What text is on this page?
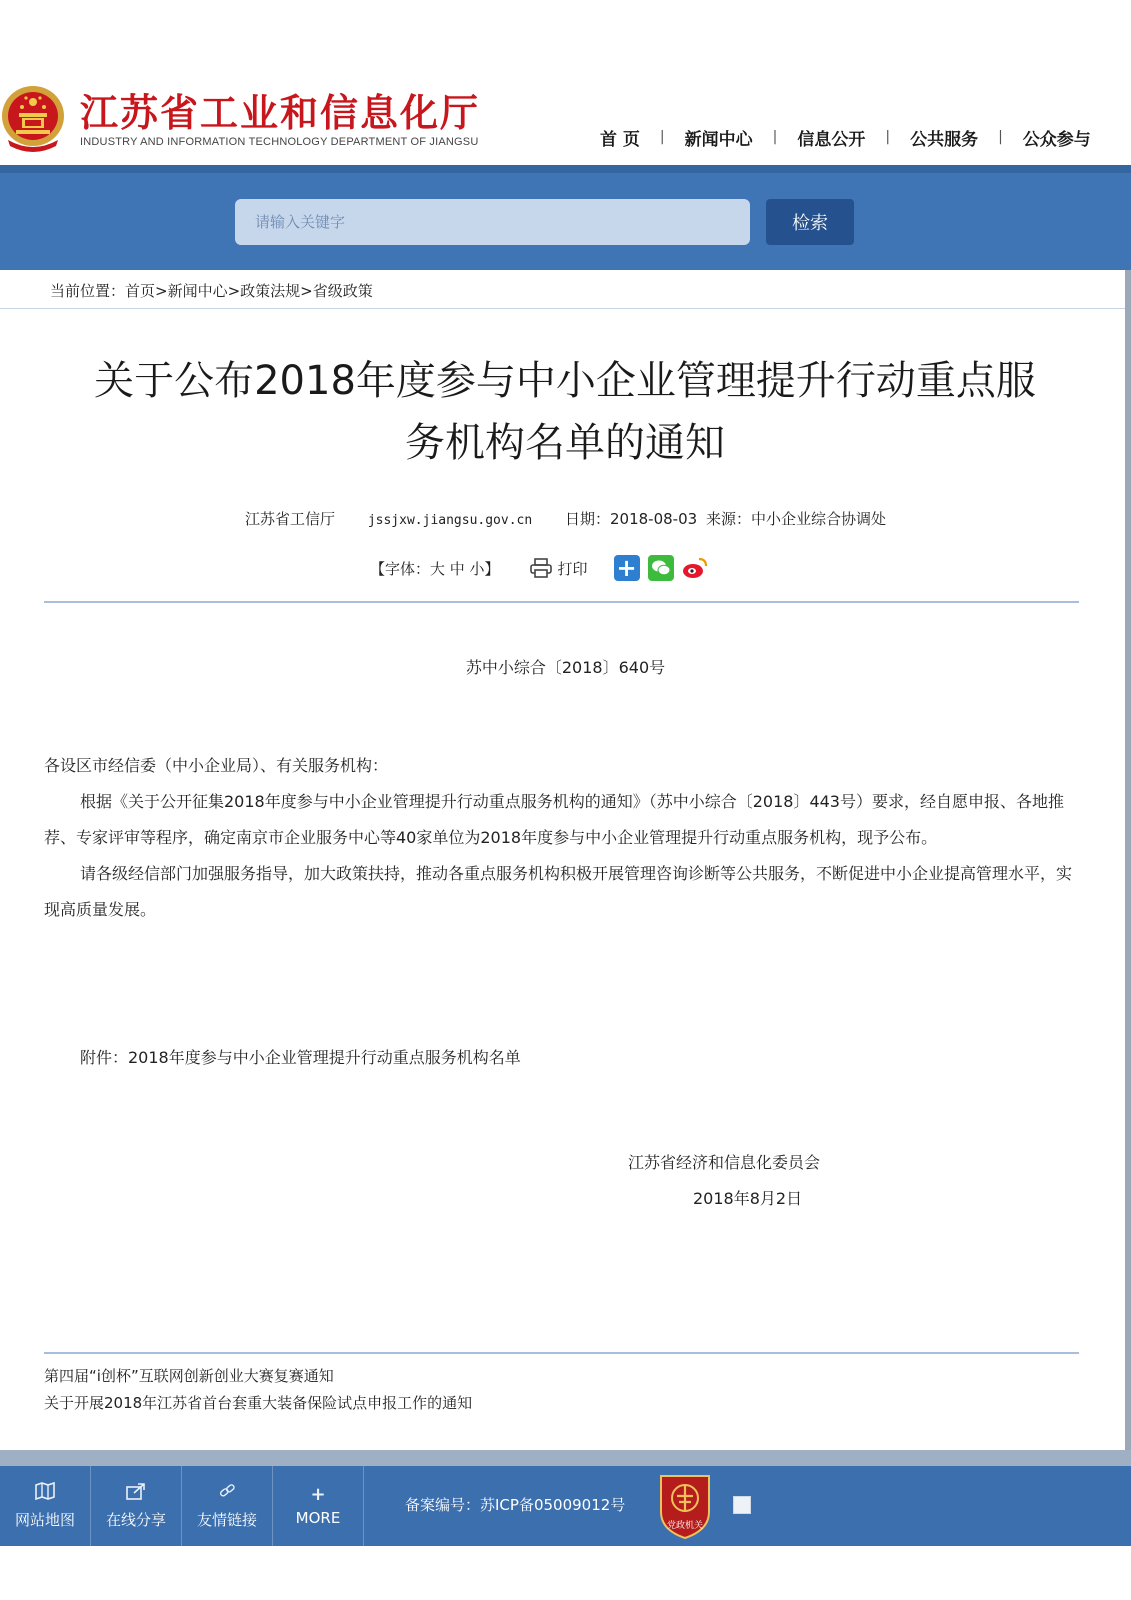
江苏省工业和信息化厅
INDUSTRY AND INFORMATION TECHNOLOGY DEPARTMENT OF JIANGSU	首 页 | 新闻中心 | 信息公开 | 公共服务 | 公众参与
请输入关键字
检索
当前位置：首页>新闻中心>政策法规>省级政策
关于公布2018年度参与中小企业管理提升行动重点服
务机构名单的通知
江苏省工信厅	jssjxw.jiangsu.gov.cn 日期：2018-08-03 来源：中小企业综合协调处
【字体：大 中 小】	打印 +
苏中小综合〔2018〕640号
各设区市经信委（中小企业局）、有关服务机构：
根据《关于公开征集2018年度参与中小企业管理提升行动重点服务机构的通知》（苏中小综合〔2018〕443号）要求，经自愿申报、各地推荐、专家评审等程序，确定南京市企业服务中心等40家单位为2018年度参与中小企业管理提升行动重点服务机构，现予公布。
请各级经信部门加强服务指导，加大政策扶持，推动各重点服务机构积极开展管理咨询诊断等公共服务，不断促进中小企业提高管理水平，实现高质量发展。
附件：2018年度参与中小企业管理提升行动重点服务机构名单
江苏省经济和信息化委员会
2018年8月2日
第四届“i创杯”互联网创新创业大赛复赛通知
关于开展2018年江苏省首台套重大装备保险试点申报工作的通知
网站地图 在线分享 友情链接
+
MORE
备案编号：苏ICP备05009012号
党政机关
